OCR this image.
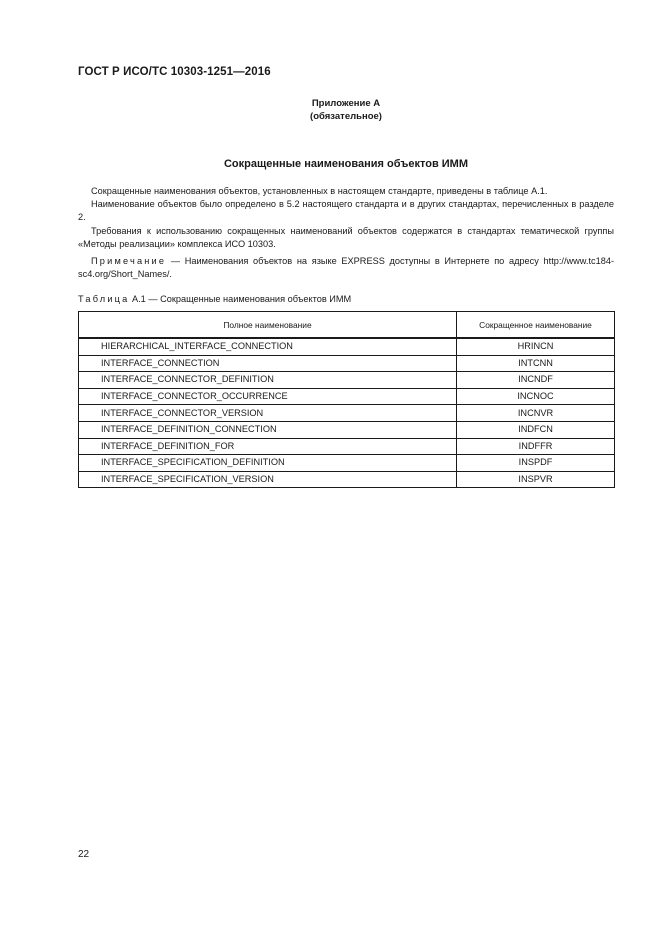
ГОСТ Р ИСО/ТС 10303-1251—2016
Приложение А
(обязательное)
Сокращенные наименования объектов ИММ

Сокращенные наименования объектов, установленных в настоящем стандарте, приведены в таблице А.1.

Наименование объектов было определено в 5.2 настоящего стандарта и в других стандартах, перечисленных в разделе 2.

Требования к использованию сокращенных наименований объектов содержатся в стандартах тематической группы «Методы реализации» комплекса ИСО 10303.

Примечание — Наименования объектов на языке EXPRESS доступны в Интернете по адресу http://www.tc184-sc4.org/Short_Names/.

Таблица А.1 — Сокращенные наименования объектов ИММ
Полное наименование	Сокращенное наименование
HIERARCHICAL_INTERFACE_CONNECTION	HRINCN
INTERFACE_CONNECTION	INTCNN
INTERFACE_CONNECTOR_DEFINITION	INCNDF
INTERFACE_CONNECTOR_OCCURRENCE	INCNOC
INTERFACE_CONNECTOR_VERSION	INCNVR
INTERFACE_DEFINITION_CONNECTION	INDFCN
INTERFACE_DEFINITION_FOR	INDFFR
INTERFACE_SPECIFICATION_DEFINITION	INSPDF
INTERFACE_SPECIFICATION_VERSION	INSPVR
22
